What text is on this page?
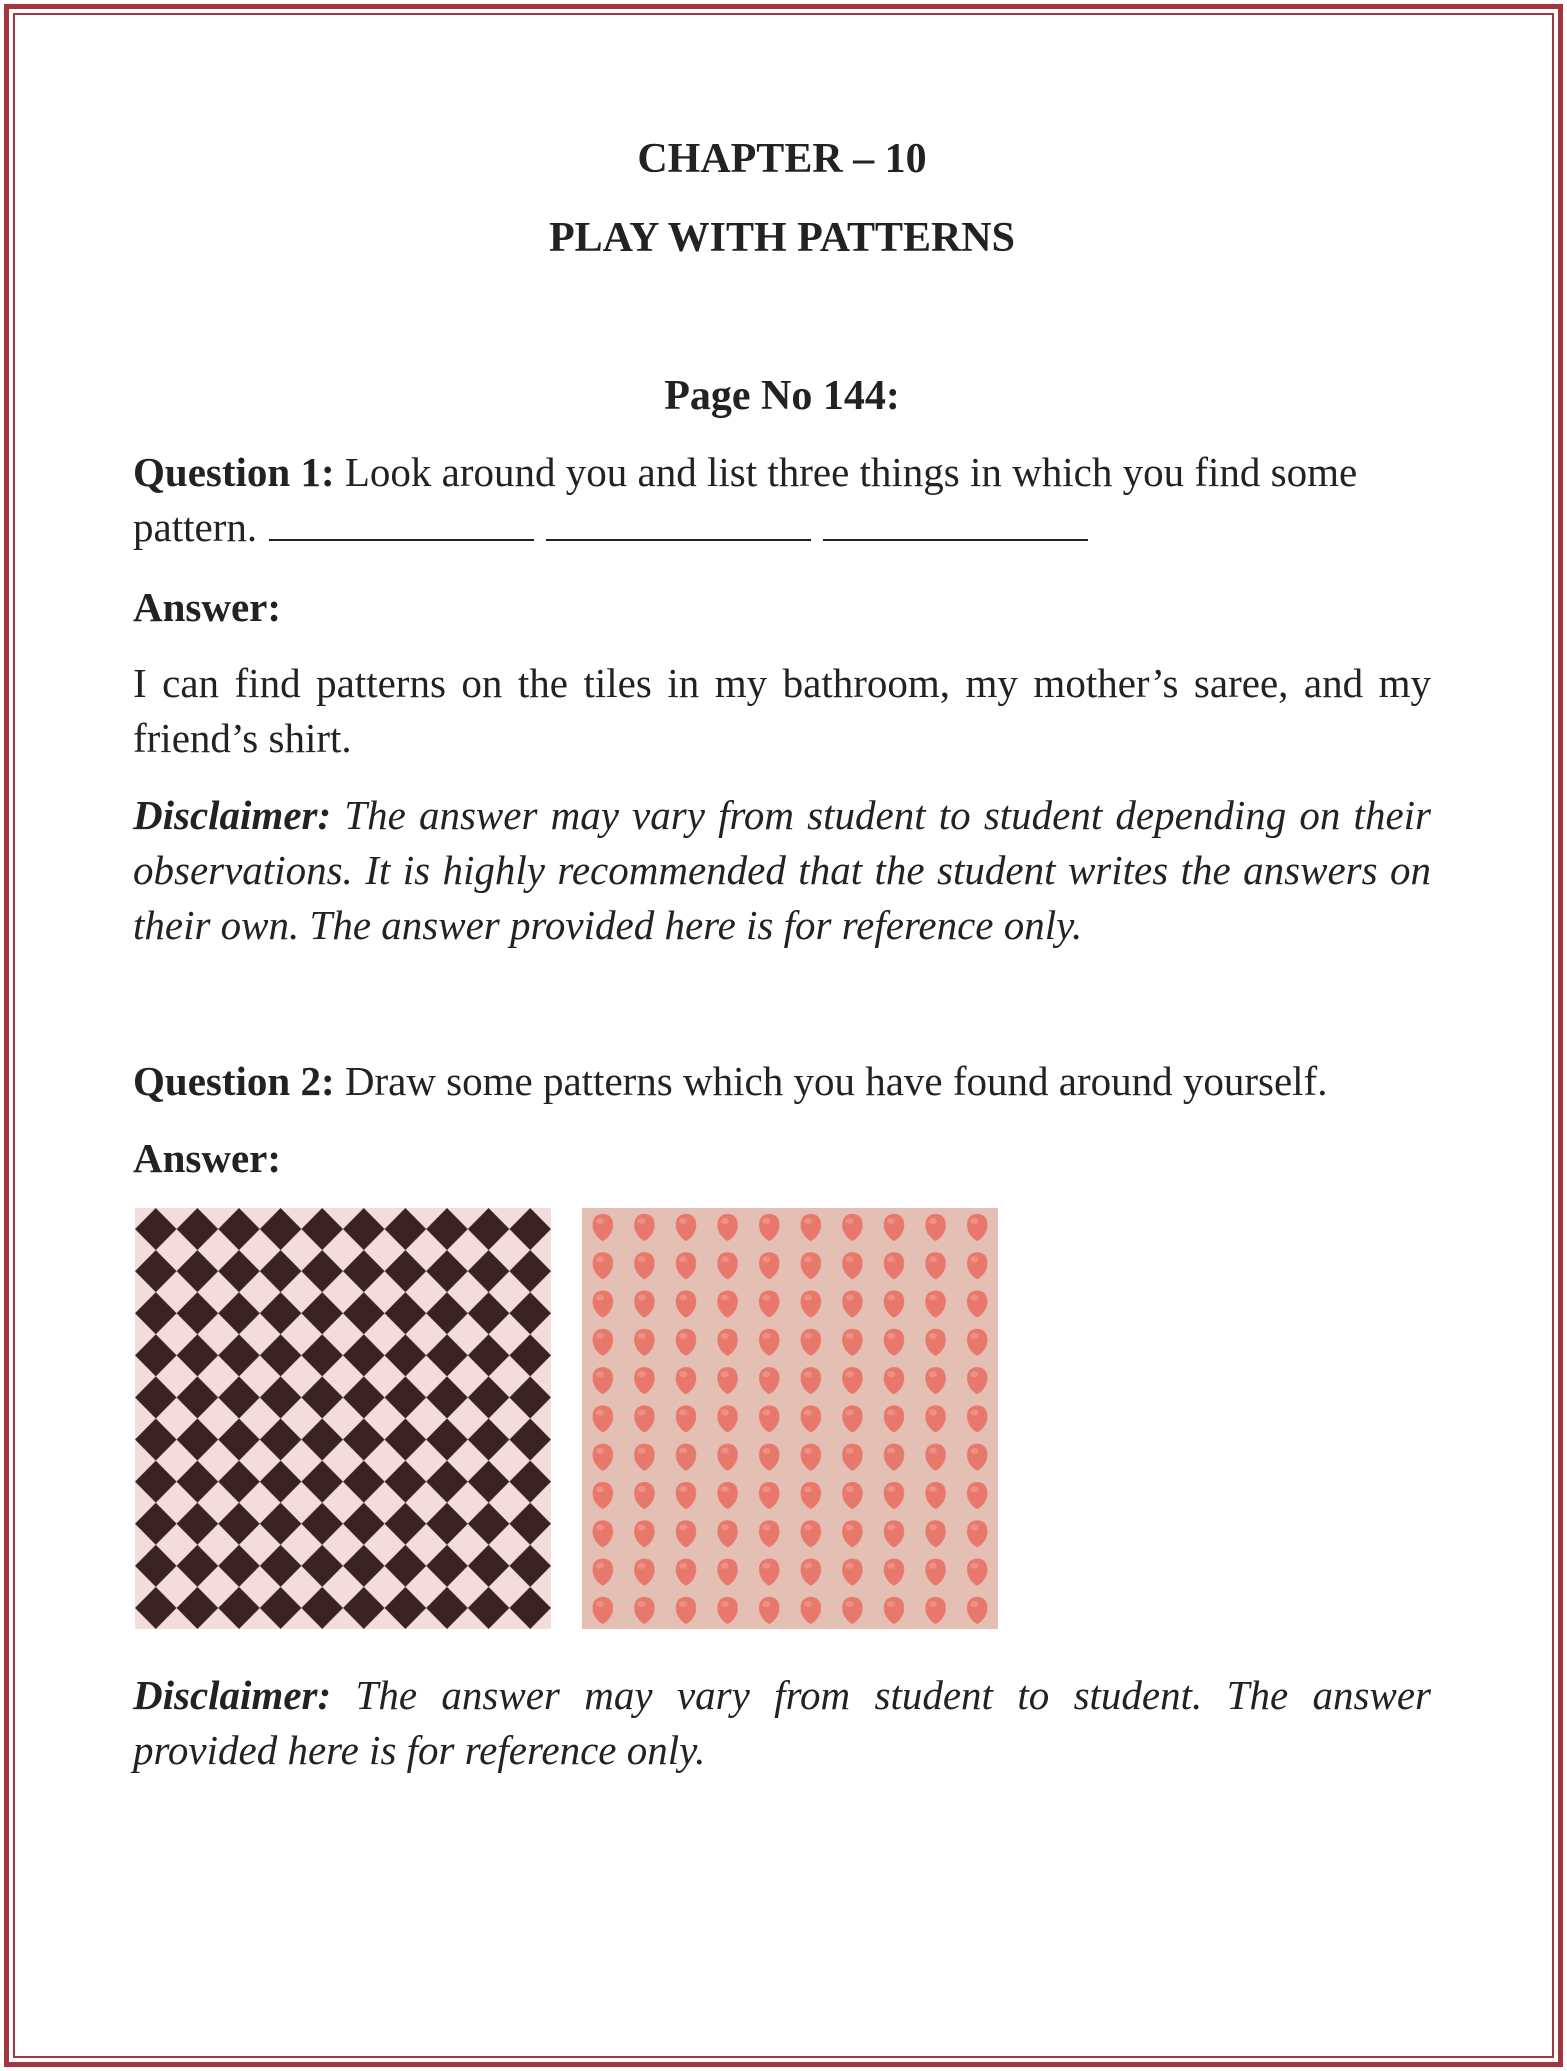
CHAPTER – 10
PLAY WITH PATTERNS
Page No 144:
Question 1: Look around you and list three things in which you find some
pattern.
Answer:
I can find patterns on the tiles in my bathroom, my mother’s saree, and my friend’s shirt.
Disclaimer: The answer may vary from student to student depending on their observations. It is highly recommended that the student writes the answers on their own. The answer provided here is for reference only.
Question 2: Draw some patterns which you have found around yourself.
Answer:
Disclaimer: The answer may vary from student to student. The answer provided here is for reference only.
